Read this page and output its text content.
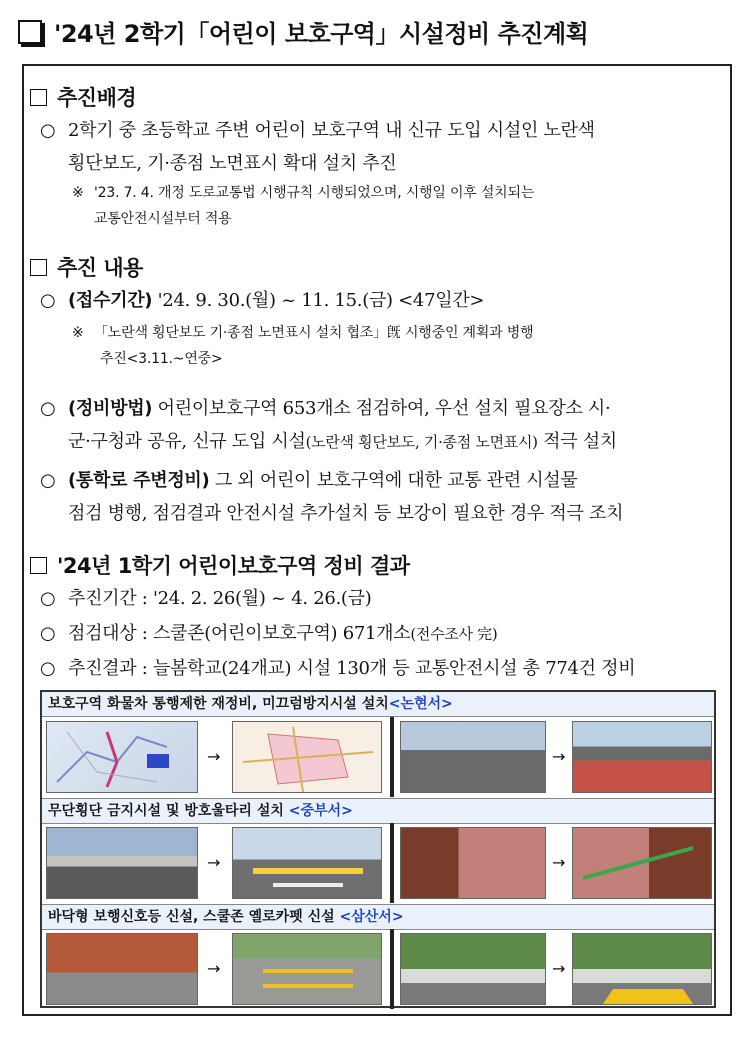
'24년 2학기「어린이 보호구역」시설정비 추진계획
추진배경
○ 2학기 중 초등학교 주변 어린이 보호구역 내 신규 도입 시설인 노란색
횡단보도, 기·종점 노면표시 확대 설치 추진
※ '23. 7. 4. 개정 도로교통법 시행규칙 시행되었으며, 시행일 이후 설치되는
교통안전시설부터 적용
추진 내용
○ (접수기간) '24. 9. 30.(월) ~ 11. 15.(금) <47일간>
※ 「노란색 횡단보도 기·종점 노면표시 설치 협조」旣 시행중인 계획과 병행
추진<3.11.~연중>
○ (정비방법) 어린이보호구역 653개소 점검하여, 우선 설치 필요장소 시·
군·구청과 공유, 신규 도입 시설(노란색 횡단보도, 기·종점 노면표시) 적극 설치
○ (통학로 주변정비) 그 외 어린이 보호구역에 대한 교통 관련 시설물
점검 병행, 점검결과 안전시설 추가설치 등 보강이 필요한 경우 적극 조치
'24년 1학기 어린이보호구역 정비 결과
○ 추진기간 : '24. 2. 26(월) ~ 4. 26.(금)
○ 점검대상 : 스쿨존(어린이보호구역) 671개소(전수조사 完)
○ 추진결과 : 늘봄학교(24개교) 시설 130개 등 교통안전시설 총 774건 정비
보호구역 화물차 통행제한 재정비, 미끄럼방지시설 설치<논현서>
→	→
무단횡단 금지시설 및 방호울타리 설치 <중부서>
→	→
바닥형 보행신호등 신설, 스쿨존 옐로카펫 신설 <삼산서>
→	→
